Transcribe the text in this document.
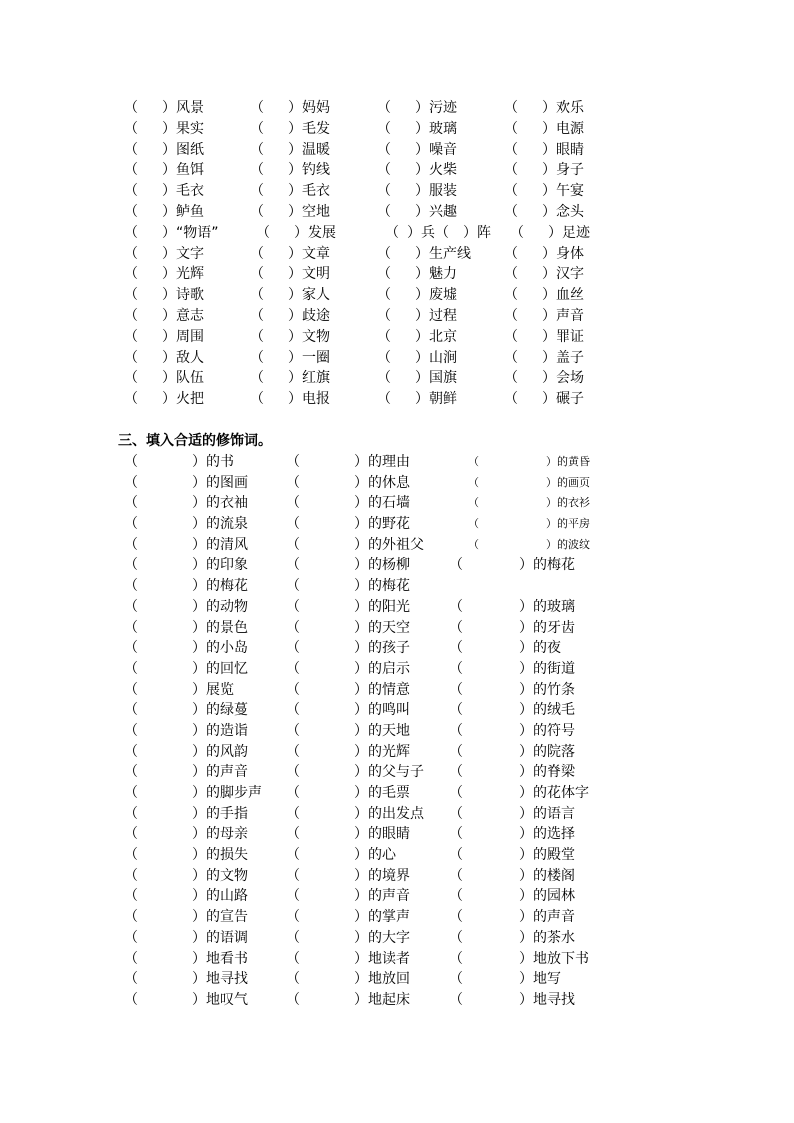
（ ）风景	（ ）妈妈	（ ）污迹	（ ）欢乐
（ ）果实	（ ）毛发	（ ）玻璃	（ ）电源
（ ）图纸	（ ）温暖	（ ）噪音	（ ）眼睛
（ ）鱼饵	（ ）钓线	（ ）火柴	（ ）身子
（ ）毛衣	（ ）毛衣	（ ）服装	（ ）午宴
（ ）鲈鱼	（ ）空地	（ ）兴趣	（ ）念头
（ ）“物语”	（ ）发展	（ ）兵（　）阵 （ ）足迹
（ ）文字	（ ）文章	（ ）生产线 （ ）身体
（ ）光辉	（ ）文明	（ ）魅力	（ ）汉字
（ ）诗歌	（ ）家人	（ ）废墟	（ ）血丝
（ ）意志	（ ）歧途	（ ）过程	（ ）声音
（ ）周围	（ ）文物	（ ）北京	（ ）罪证
（ ）敌人	（ ）一圈	（ ）山涧	（ ）盖子
（ ）队伍	（ ）红旗	（ ）国旗	（ ）会场
（ ）火把	（ ）电报	（ ）朝鲜	（ ）碾子
三、填入合适的修饰词。
（	）的书	（	）的理由	（	）的黄昏
（	）的图画	（	）的休息	（	）的画页
（	）的衣袖	（	）的石墙	（	）的衣衫
（	）的流泉	（	）的野花	（	）的平房
（	）的清风	（	）的外祖父	（	）的波纹
（	）的印象	（	）的杨柳	（	）的梅花
（	）的梅花	（	）的梅花
（	）的动物	（	）的阳光	（	）的玻璃
（	）的景色	（	）的天空	（	）的牙齿
（	）的小岛	（	）的孩子	（	）的夜
（	）的回忆	（	）的启示	（	）的街道
（	）展览	（	）的情意	（	）的竹条
（	）的绿蔓	（	）的鸣叫	（	）的绒毛
（	）的造诣	（	）的天地	（	）的符号
（	）的风韵	（	）的光辉	（	）的院落
（	）的声音	（	）的父与子 （	）的脊梁
（	）的脚步声 （	）的毛票	（	）的花体字
（	）的手指	（	）的出发点 （	）的语言
（	）的母亲	（	）的眼睛	（	）的选择
（	）的损失	（	）的心	（	）的殿堂
（	）的文物	（	）的境界	（	）的楼阁
（	）的山路	（	）的声音	（	）的园林
（	）的宣告	（	）的掌声	（	）的声音
（	）的语调	（	）的大字	（	）的茶水
（	）地看书	（	）地读者	（	）地放下书
（	）地寻找	（	）地放回	（	）地写
（	）地叹气	（	）地起床	（	）地寻找
